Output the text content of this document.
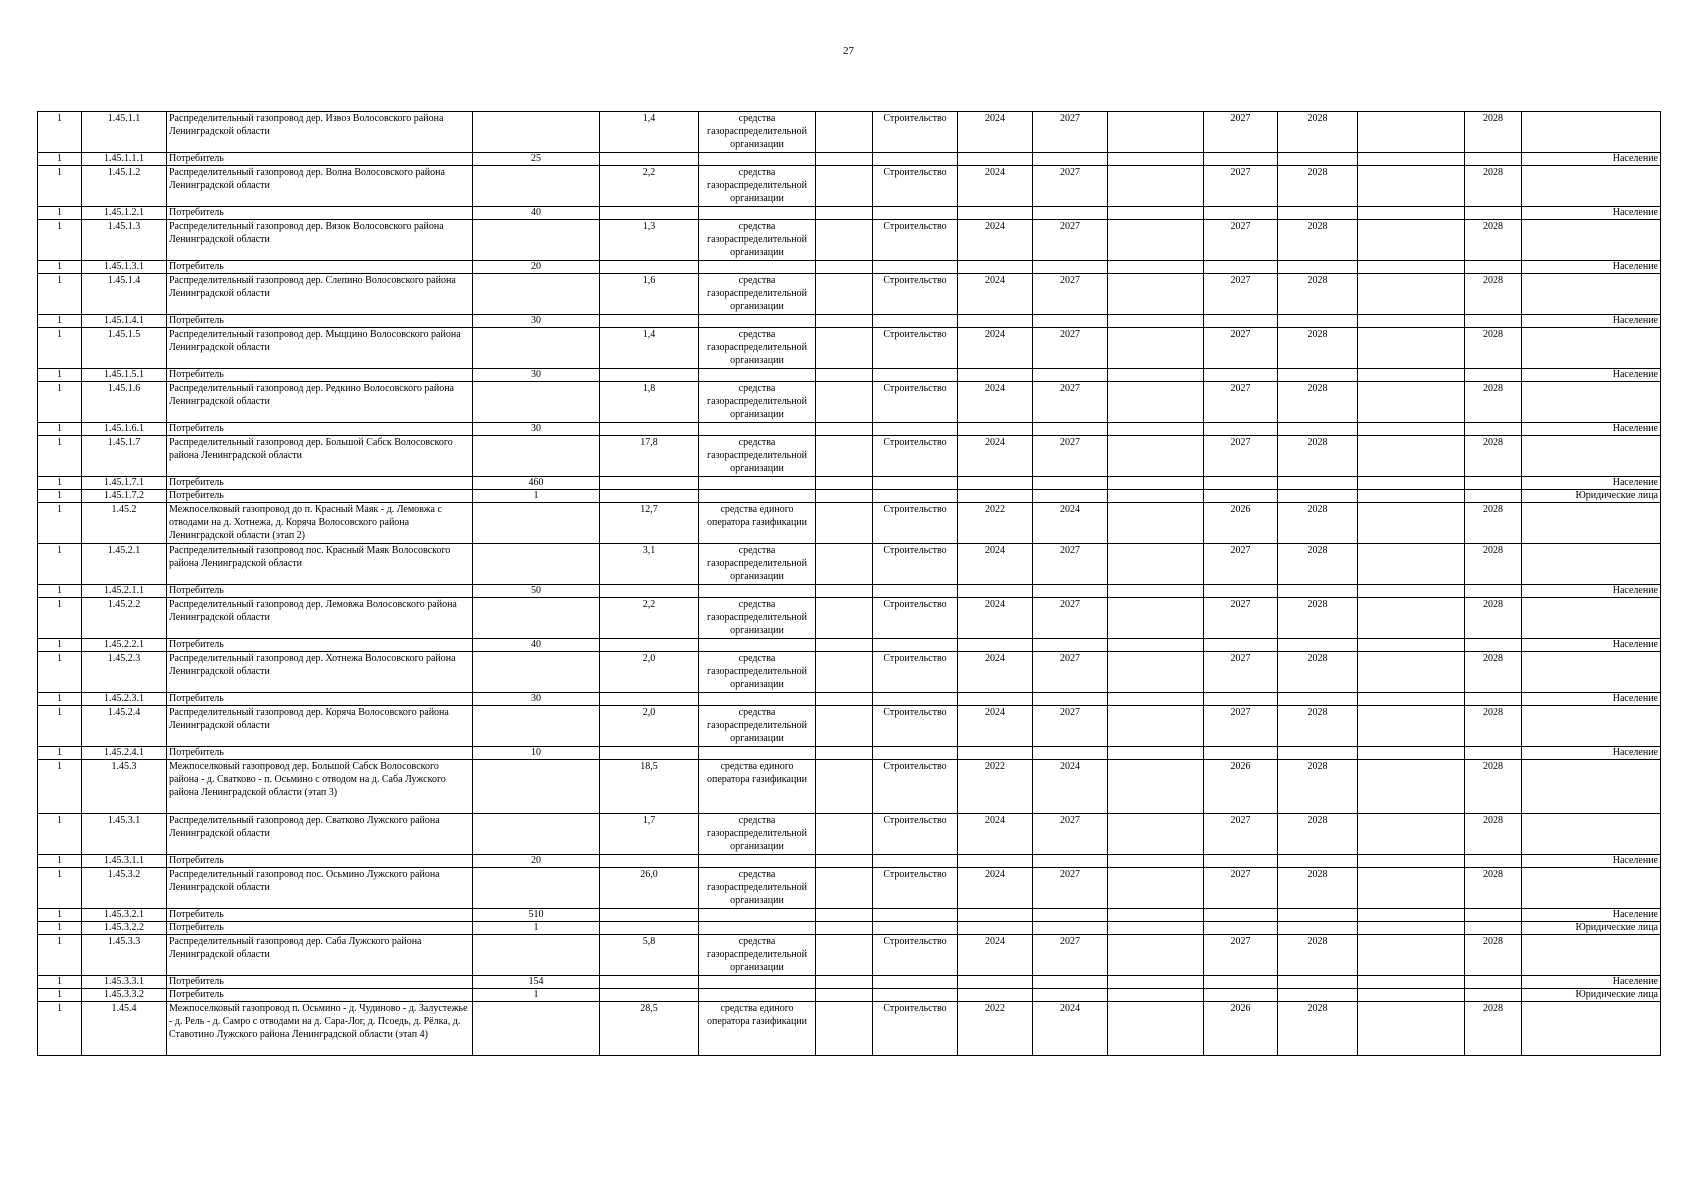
27
1	1.45.1.1	Распределительный газопровод дер. Извоз Волосовского района Ленинградской области		1,4	средства газораспределительной организации		Строительство	2024	2027		2027	2028		2028	
1	1.45.1.1.1	Потребитель	25												Население
1	1.45.1.2	Распределительный газопровод дер. Волна Волосовского района Ленинградской области		2,2	средства газораспределительной организации		Строительство	2024	2027		2027	2028		2028	
1	1.45.1.2.1	Потребитель	40												Население
1	1.45.1.3	Распределительный газопровод дер. Вязок Волосовского района Ленинградской области		1,3	средства газораспределительной организации		Строительство	2024	2027		2027	2028		2028	
1	1.45.1.3.1	Потребитель	20												Население
1	1.45.1.4	Распределительный газопровод дер. Слепино Волосовского района Ленинградской области		1,6	средства газораспределительной организации		Строительство	2024	2027		2027	2028		2028	
1	1.45.1.4.1	Потребитель	30												Население
1	1.45.1.5	Распределительный газопровод дер. Мыццино Волосовского района Ленинградской области		1,4	средства газораспределительной организации		Строительство	2024	2027		2027	2028		2028	
1	1.45.1.5.1	Потребитель	30												Население
1	1.45.1.6	Распределительный газопровод дер. Редкино Волосовского района Ленинградской области		1,8	средства газораспределительной организации		Строительство	2024	2027		2027	2028		2028	
1	1.45.1.6.1	Потребитель	30												Население
1	1.45.1.7	Распределительный газопровод дер. Большой Сабск Волосовского района Ленинградской области		17,8	средства газораспределительной организации		Строительство	2024	2027		2027	2028		2028	
1	1.45.1.7.1	Потребитель	460												Население
1	1.45.1.7.2	Потребитель	1												Юридические лица
1	1.45.2	Межпоселковый газопровод до п. Красный Маяк - д. Лемовжа с отводами на д. Хотнежа, д. Коряча Волосовского района Ленинградской области (этап 2)		12,7	средства единого оператора газификации		Строительство	2022	2024		2026	2028		2028	
1	1.45.2.1	Распределительный газопровод пос. Красный Маяк Волосовского района Ленинградской области		3,1	средства газораспределительной организации		Строительство	2024	2027		2027	2028		2028	
1	1.45.2.1.1	Потребитель	50												Население
1	1.45.2.2	Распределительный газопровод дер. Лемовжа Волосовского района Ленинградской области		2,2	средства газораспределительной организации		Строительство	2024	2027		2027	2028		2028	
1	1.45.2.2.1	Потребитель	40												Население
1	1.45.2.3	Распределительный газопровод дер. Хотнежа Волосовского района Ленинградской области		2,0	средства газораспределительной организации		Строительство	2024	2027		2027	2028		2028	
1	1.45.2.3.1	Потребитель	30												Население
1	1.45.2.4	Распределительный газопровод дер. Коряча Волосовского района Ленинградской области		2,0	средства газораспределительной организации		Строительство	2024	2027		2027	2028		2028	
1	1.45.2.4.1	Потребитель	10												Население
1	1.45.3	Межпоселковый газопровод дер. Большой Сабск Волосовского района - д. Сватково - п. Осьмино с отводом на д. Саба Лужского района Ленинградской области (этап 3)		18,5	средства единого оператора газификации		Строительство	2022	2024		2026	2028		2028	
1	1.45.3.1	Распределительный газопровод дер. Сватково Лужского района Ленинградской области		1,7	средства газораспределительной организации		Строительство	2024	2027		2027	2028		2028	
1	1.45.3.1.1	Потребитель	20												Население
1	1.45.3.2	Распределительный газопровод пос. Осьмино Лужского района Ленинградской области		26,0	средства газораспределительной организации		Строительство	2024	2027		2027	2028		2028	
1	1.45.3.2.1	Потребитель	510												Население
1	1.45.3.2.2	Потребитель	1												Юридические лица
1	1.45.3.3	Распределительный газопровод дер. Саба Лужского района Ленинградской области		5,8	средства газораспределительной организации		Строительство	2024	2027		2027	2028		2028	
1	1.45.3.3.1	Потребитель	154												Население
1	1.45.3.3.2	Потребитель	1												Юридические лица
1	1.45.4	Межпоселковый газопровод п. Осьмино - д. Чудиново - д. Залустежье - д. Рель - д. Самро с отводами на д. Сара-Лог, д. Псоедь, д. Рёлка, д. Ставотино Лужского района Ленинградской области (этап 4)		28,5	средства единого оператора газификации		Строительство	2022	2024		2026	2028		2028	
